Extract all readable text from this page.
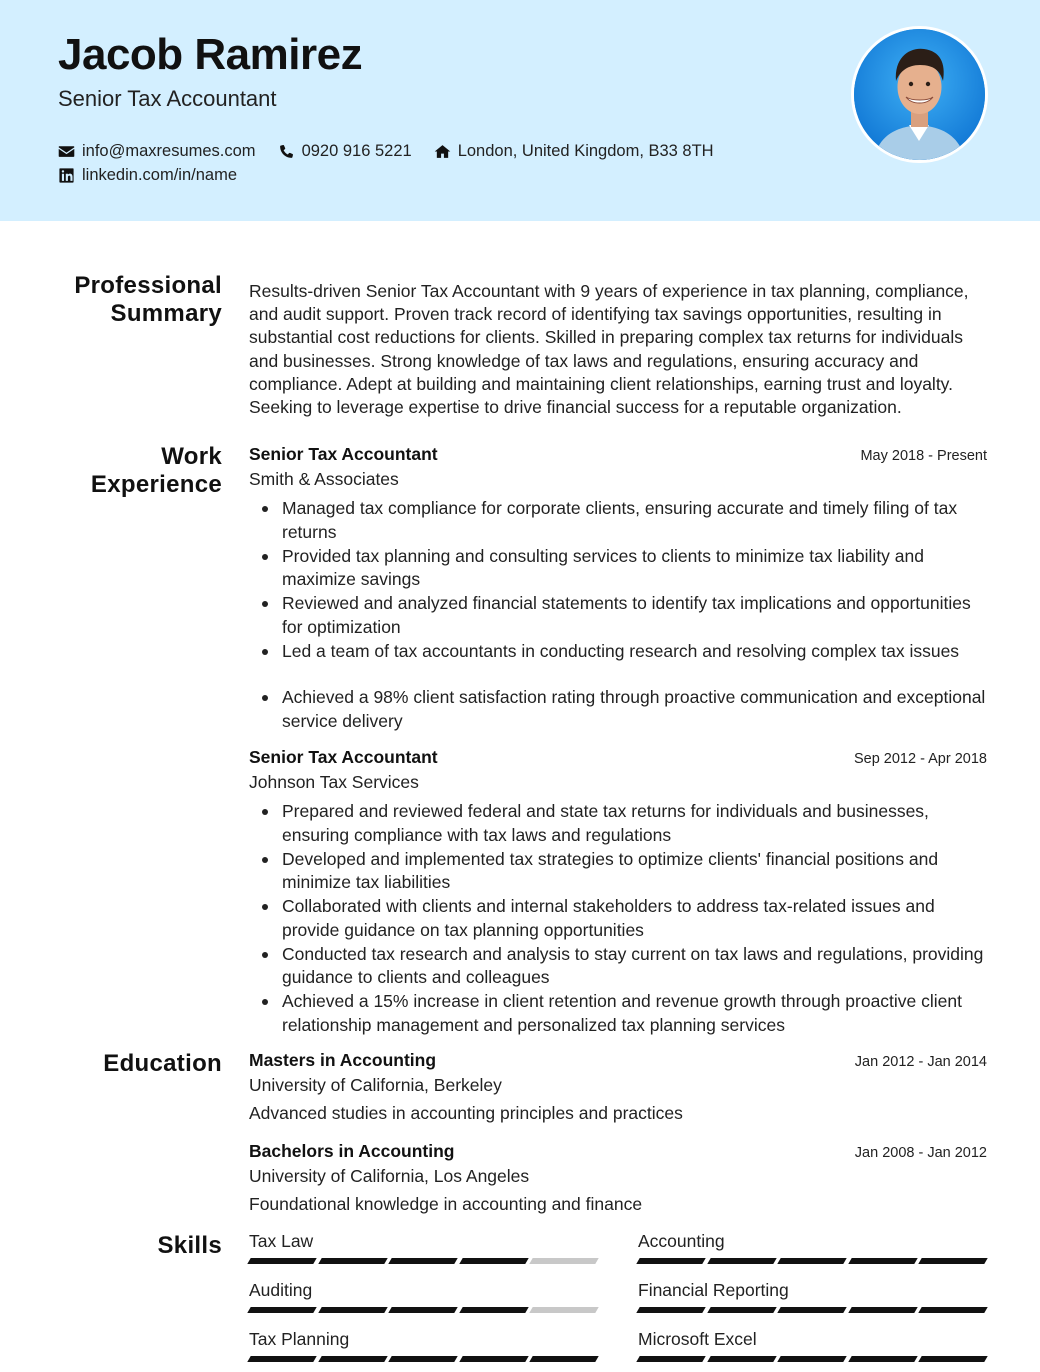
Jacob Ramirez
Senior Tax Accountant
info@maxresumes.com	0920 916 5221	London, United Kingdom, B33 8TH
linkedin.com/in/name
Professional Summary
Results-driven Senior Tax Accountant with 9 years of experience in tax planning, compliance, and audit support. Proven track record of identifying tax savings opportunities, resulting in substantial cost reductions for clients. Skilled in preparing complex tax returns for individuals and businesses. Strong knowledge of tax laws and regulations, ensuring accuracy and compliance. Adept at building and maintaining client relationships, earning trust and loyalty. Seeking to leverage expertise to drive financial success for a reputable organization.
Work Experience
Senior Tax Accountant	May 2018 - Present
Smith & Associates
Managed tax compliance for corporate clients, ensuring accurate and timely filing of tax returns
Provided tax planning and consulting services to clients to minimize tax liability and maximize savings
Reviewed and analyzed financial statements to identify tax implications and opportunities for optimization
Led a team of tax accountants in conducting research and resolving complex tax issues
Achieved a 98% client satisfaction rating through proactive communication and exceptional service delivery
Senior Tax Accountant	Sep 2012 - Apr 2018
Johnson Tax Services
Prepared and reviewed federal and state tax returns for individuals and businesses, ensuring compliance with tax laws and regulations
Developed and implemented tax strategies to optimize clients' financial positions and minimize tax liabilities
Collaborated with clients and internal stakeholders to address tax-related issues and provide guidance on tax planning opportunities
Conducted tax research and analysis to stay current on tax laws and regulations, providing guidance to clients and colleagues
Achieved a 15% increase in client retention and revenue growth through proactive client relationship management and personalized tax planning services
Education Masters in Accounting	Jan 2012 - Jan 2014
University of California, Berkeley
Advanced studies in accounting principles and practices
Bachelors in Accounting	Jan 2008 - Jan 2012
University of California, Los Angeles
Foundational knowledge in accounting and finance
Skills Tax Law	Accounting
Auditing	Financial Reporting
Tax Planning	Microsoft Excel
